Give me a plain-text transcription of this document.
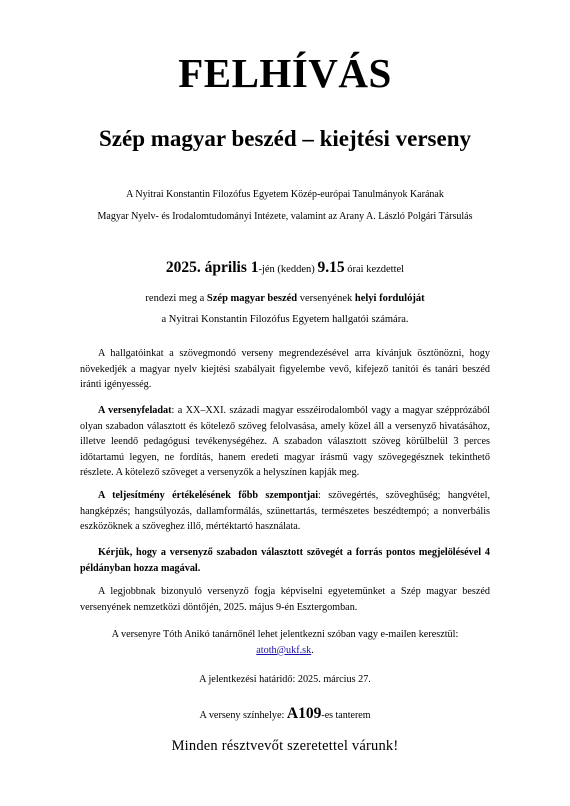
FELHÍVÁS
Szép magyar beszéd – kiejtési verseny
A Nyitrai Konstantin Filozófus Egyetem Közép-európai Tanulmányok Karának
Magyar Nyelv- és Irodalomtudományi Intézete, valamint az Arany A. László Polgári Társulás
2025. április 1-jén (kedden) 9.15 órai kezdettel
rendezi meg a Szép magyar beszéd versenyének helyi fordulóját
a Nyitrai Konstantin Filozófus Egyetem hallgatói számára.
A hallgatóinkat a szövegmondó verseny megrendezésével arra kívánjuk ösztönözni, hogy növekedjék a magyar nyelv kiejtési szabályait figyelembe vevő, kifejező tanítói és tanári beszéd iránti igényesség.
A versenyfeladat: a XX–XXI. századi magyar esszéirodalomból vagy a magyar szépprózából olyan szabadon választott és kötelező szöveg felolvasása, amely közel áll a versenyző hivatásához, illetve leendő pedagógusi tevékenységéhez. A szabadon választott szöveg körülbelül 3 perces időtartamú legyen, ne fordítás, hanem eredeti magyar írásmű vagy szövegegésznek tekinthető részlete. A kötelező szöveget a versenyzők a helyszínen kapják meg.
A teljesítmény értékelésének főbb szempontjai: szövegértés, szöveghűség; hangvétel, hangképzés; hangsúlyozás, dallamformálás, szünettartás, természetes beszédtempó; a nonverbális eszközöknek a szöveghez illő, mértéktartó használata.
Kérjük, hogy a versenyző szabadon választott szövegét a forrás pontos megjelölésével 4 példányban hozza magával.
A legjobbnak bizonyuló versenyző fogja képviselni egyetemünket a Szép magyar beszéd versenyének nemzetközi döntőjén, 2025. május 9-én Esztergomban.
A versenyre Tóth Anikó tanárnőnél lehet jelentkezni szóban vagy e-mailen keresztül:
atoth@ukf.sk.
A jelentkezési határidő: 2025. március 27.
A verseny színhelye: A109-es tanterem
Minden résztvevőt szeretettel várunk!
